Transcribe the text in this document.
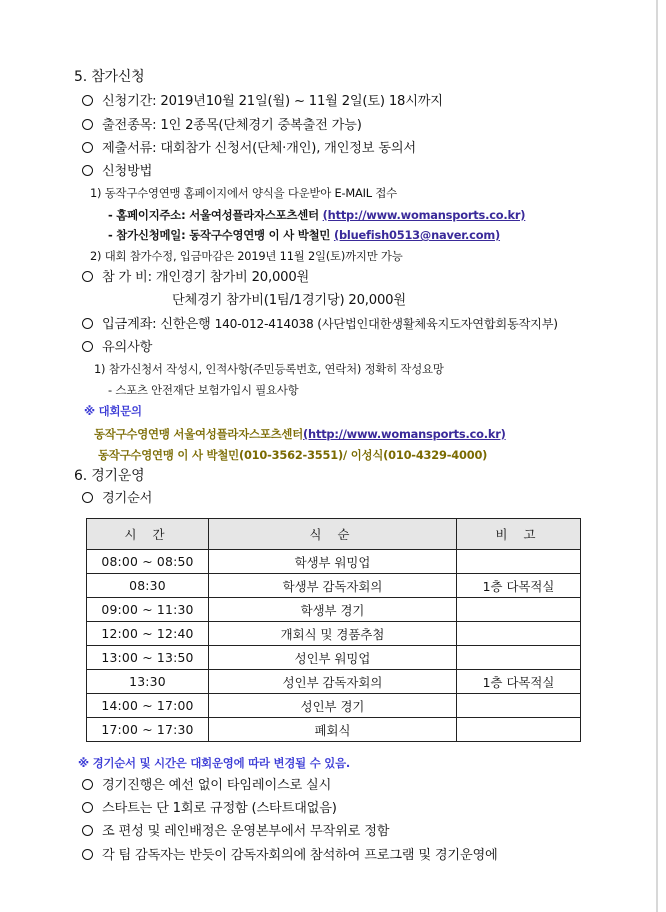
5. 참가신청
신청기간: 2019년10월 21일(월) ~ 11월 2일(토) 18시까지
출전종목: 1인 2종목(단체경기 중복출전 가능)
제출서류: 대회참가 신청서(단체·개인), 개인정보 동의서
신청방법
1) 동작구수영연맹 홈페이지에서 양식을 다운받아 E-MAIL 접수
- 홈페이지주소: 서울여성플라자스포츠센터 (http://www.womansports.co.kr)
- 참가신청메일: 동작구수영연맹 이 사 박철민 (bluefish0513@naver.com)
2) 대회 참가수정, 입금마감은 2019년 11월 2일(토)까지만 가능
참 가 비: 개인경기 참가비 20,000원
단체경기 참가비(1팀/1경기당) 20,000원
입금계좌: 신한은행 140-012-414038 (사단법인대한생활체육지도자연합회동작지부)
유의사항
1) 참가신청서 작성시, 인적사항(주민등록번호, 연락처) 정확히 작성요망
- 스포츠 안전재단 보험가입시 필요사항
※ 대회문의
동작구수영연맹 서울여성플라자스포츠센터(http://www.womansports.co.kr)
동작구수영연맹 이 사 박철민(010-3562-3551)/ 이성식(010-4329-4000)
6. 경기운영
경기순서
시 간	식 순	비 고
08:00 ~ 08:50	학생부 워밍업	
08:30	학생부 감독자회의	1층 다목적실
09:00 ~ 11:30	학생부 경기	
12:00 ~ 12:40	개회식 및 경품추첨	
13:00 ~ 13:50	성인부 워밍업	
13:30	성인부 감독자회의	1층 다목적실
14:00 ~ 17:00	성인부 경기	
17:00 ~ 17:30	폐회식	
※ 경기순서 및 시간은 대회운영에 따라 변경될 수 있음.
경기진행은 예선 없이 타임레이스로 실시
스타트는 단 1회로 규정함 (스타트대없음)
조 편성 및 레인배정은 운영본부에서 무작위로 정함
각 팀 감독자는 반듯이 감독자회의에 참석하여 프로그램 및 경기운영에
